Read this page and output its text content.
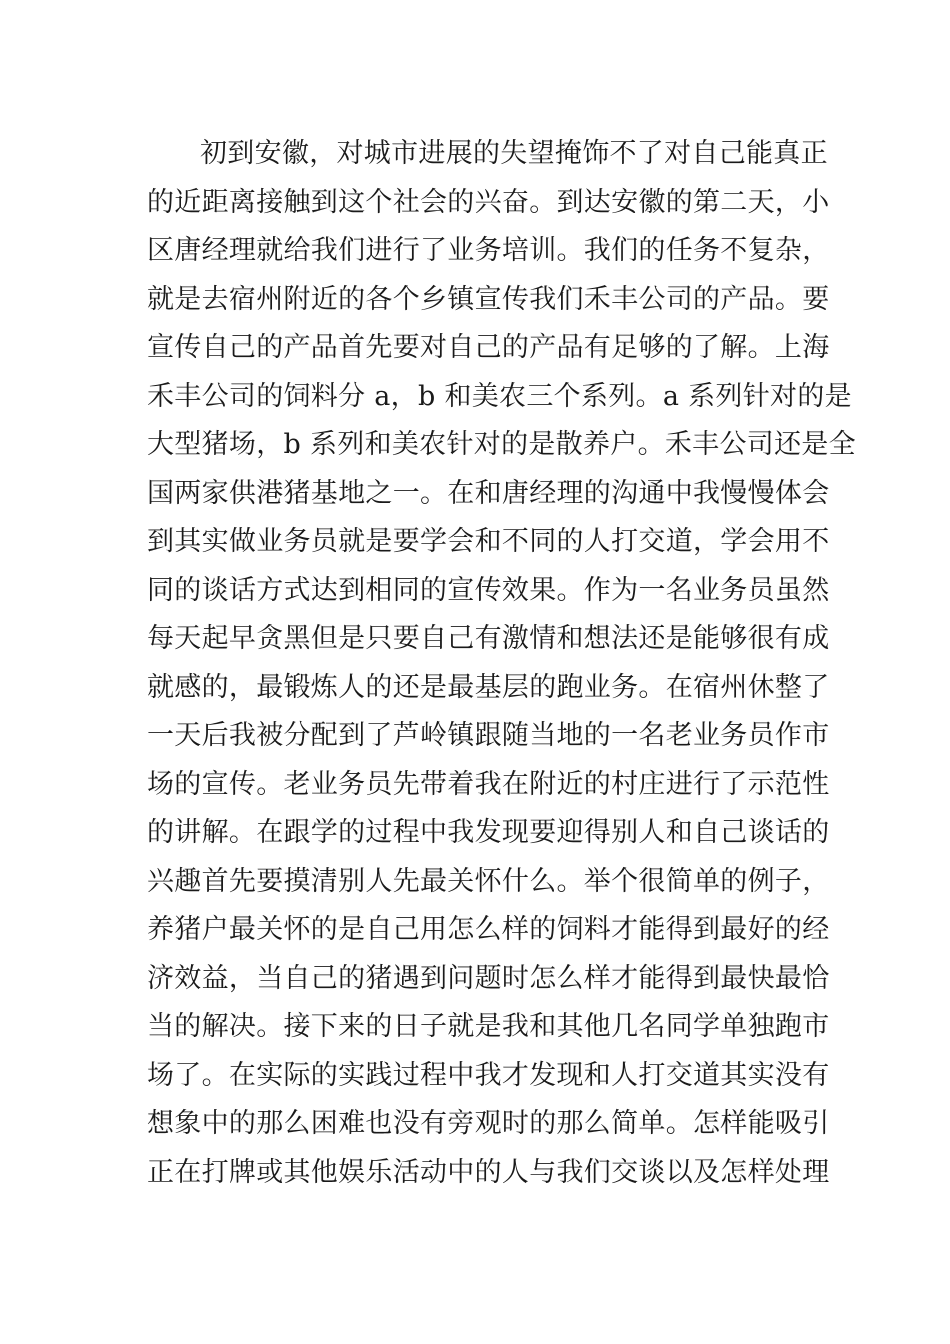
初到安徽，对城市进展的失望掩饰不了对自己能真正
的近距离接触到这个社会的兴奋。到达安徽的第二天，小
区唐经理就给我们进行了业务培训。我们的任务不复杂，
就是去宿州附近的各个乡镇宣传我们禾丰公司的产品。要
宣传自己的产品首先要对自己的产品有足够的了解。上海
禾丰公司的饲料分 a，b 和美农三个系列。a 系列针对的是
大型猪场，b 系列和美农针对的是散养户。禾丰公司还是全
国两家供港猪基地之一。在和唐经理的沟通中我慢慢体会
到其实做业务员就是要学会和不同的人打交道，学会用不
同的谈话方式达到相同的宣传效果。作为一名业务员虽然
每天起早贪黑但是只要自己有激情和想法还是能够很有成
就感的，最锻炼人的还是最基层的跑业务。在宿州休整了
一天后我被分配到了芦岭镇跟随当地的一名老业务员作市
场的宣传。老业务员先带着我在附近的村庄进行了示范性
的讲解。在跟学的过程中我发现要迎得别人和自己谈话的
兴趣首先要摸清别人先最关怀什么。举个很简单的例子，
养猪户最关怀的是自己用怎么样的饲料才能得到最好的经
济效益，当自己的猪遇到问题时怎么样才能得到最快最恰
当的解决。接下来的日子就是我和其他几名同学单独跑市
场了。在实际的实践过程中我才发现和人打交道其实没有
想象中的那么困难也没有旁观时的那么简单。怎样能吸引
正在打牌或其他娱乐活动中的人与我们交谈以及怎样处理
